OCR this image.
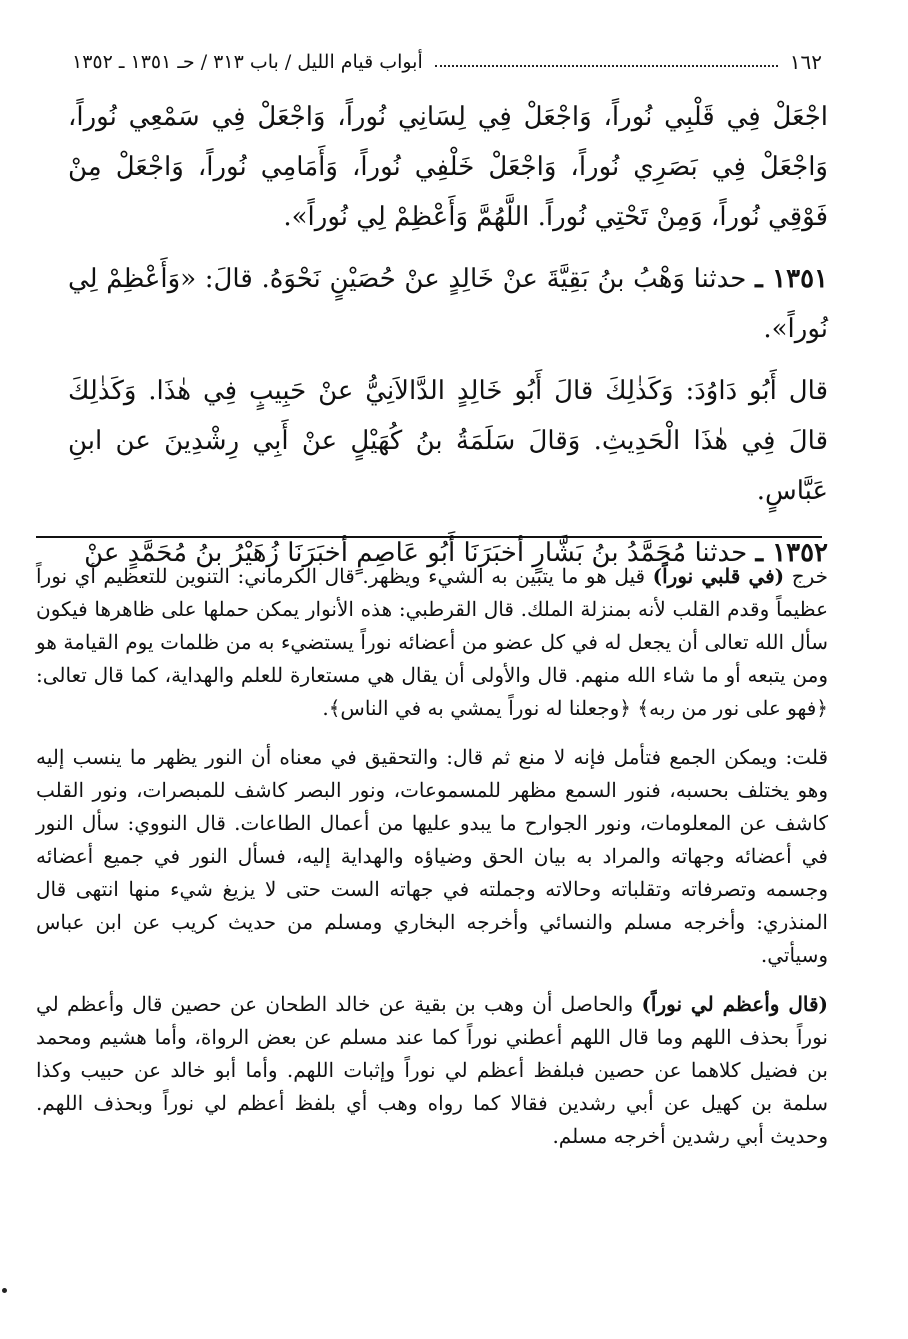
١٦٢
أبواب قيام الليل / باب ٣١٣ / حـ ١٣٥١ ـ ١٣٥٢

اجْعَلْ فِي قَلْبِي نُوراً، وَاجْعَلْ فِي لِسَانِي نُوراً، وَاجْعَلْ فِي سَمْعِي نُوراً، وَاجْعَلْ فِي بَصَرِي نُوراً، وَاجْعَلْ خَلْفِي نُوراً، وَأَمَامِي نُوراً، وَاجْعَلْ مِنْ فَوْقِي نُوراً، وَمِنْ تَحْتِي نُوراً. اللَّهُمَّ وَأَعْظِمْ لِي نُوراً».

١٣٥١ ـ حدثنا وَهْبُ بنُ بَقِيَّةَ عنْ خَالِدٍ عنْ حُصَيْنٍ نَحْوَهُ. قالَ: «وَأَعْظِمْ لِي نُوراً».

قال أَبُو دَاوُدَ: وَكَذٰلِكَ قالَ أَبُو خَالِدٍ الدَّالاَنِيُّ عنْ حَبِيبٍ فِي هٰذَا. وَكَذٰلِكَ قالَ فِي هٰذَا الْحَدِيثِ. وَقالَ سَلَمَةُ بنُ كُهَيْلٍ عنْ أَبِي رِشْدِينَ عن ابنِ عَبَّاسٍ.

١٣٥٢ ـ حدثنا مُحَمَّدُ بنُ بَشَّارٍ أخبَرَنَا أَبُو عَاصِمٍ أخبَرَنَا زُهَيْرُ بنُ مُحَمَّدٍ عنْ

خرج (في قلبي نوراً) قيل هو ما يتبين به الشيء ويظهر. قال الكرماني: التنوين للتعظيم أي نوراً عظيماً وقدم القلب لأنه بمنزلة الملك. قال القرطبي: هذه الأنوار يمكن حملها على ظاهرها فيكون سأل الله تعالى أن يجعل له في كل عضو من أعضائه نوراً يستضيء به من ظلمات يوم القيامة هو ومن يتبعه أو ما شاء الله منهم. قال والأولى أن يقال هي مستعارة للعلم والهداية، كما قال تعالى: ﴿فهو على نور من ربه﴾ ﴿وجعلنا له نوراً يمشي به في الناس﴾.

قلت: ويمكن الجمع فتأمل فإنه لا منع ثم قال: والتحقيق في معناه أن النور يظهر ما ينسب إليه وهو يختلف بحسبه، فنور السمع مظهر للمسموعات، ونور البصر كاشف للمبصرات، ونور القلب كاشف عن المعلومات، ونور الجوارح ما يبدو عليها من أعمال الطاعات. قال النووي: سأل النور في أعضائه وجهاته والمراد به بيان الحق وضياؤه والهداية إليه، فسأل النور في جميع أعضائه وجسمه وتصرفاته وتقلباته وحالاته وجملته في جهاته الست حتى لا يزيغ شيء منها انتهى قال المنذري: وأخرجه مسلم والنسائي وأخرجه البخاري ومسلم من حديث كريب عن ابن عباس وسيأتي.

(قال وأعظم لي نوراً) والحاصل أن وهب بن بقية عن خالد الطحان عن حصين قال وأعظم لي نوراً بحذف اللهم وما قال اللهم أعطني نوراً كما عند مسلم عن بعض الرواة، وأما هشيم ومحمد بن فضيل كلاهما عن حصين فبلفظ أعظم لي نوراً وإثبات اللهم. وأما أبو خالد عن حبيب وكذا سلمة بن كهيل عن أبي رشدين فقالا كما رواه وهب أي بلفظ أعظم لي نوراً وبحذف اللهم. وحديث أبي رشدين أخرجه مسلم.
